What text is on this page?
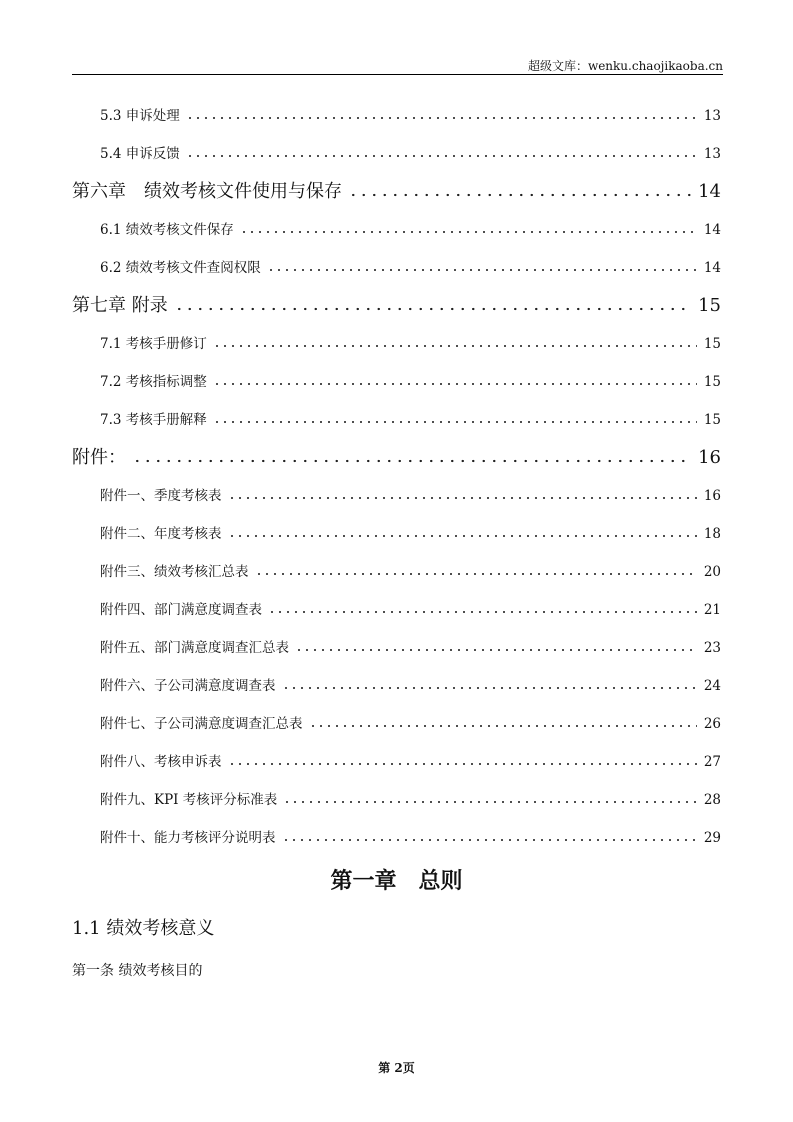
超级文库：wenku.chaojikaoba.cn
5.3 申诉处理	13
5.4 申诉反馈	13
第六章　绩效考核文件使用与保存	14
6.1 绩效考核文件保存	14
6.2 绩效考核文件查阅权限	14
第七章 附录	15
7.1 考核手册修订	15
7.2 考核指标调整	15
7.3 考核手册解释	15
附件：	16
附件一、季度考核表	16
附件二、年度考核表	18
附件三、绩效考核汇总表	20
附件四、部门满意度调查表	21
附件五、部门满意度调查汇总表	23
附件六、子公司满意度调查表	24
附件七、子公司满意度调查汇总表	26
附件八、考核申诉表	27
附件九、KPI 考核评分标准表	28
附件十、能力考核评分说明表	29
第一章　总则
1.1 绩效考核意义
第一条 绩效考核目的
第 2页
